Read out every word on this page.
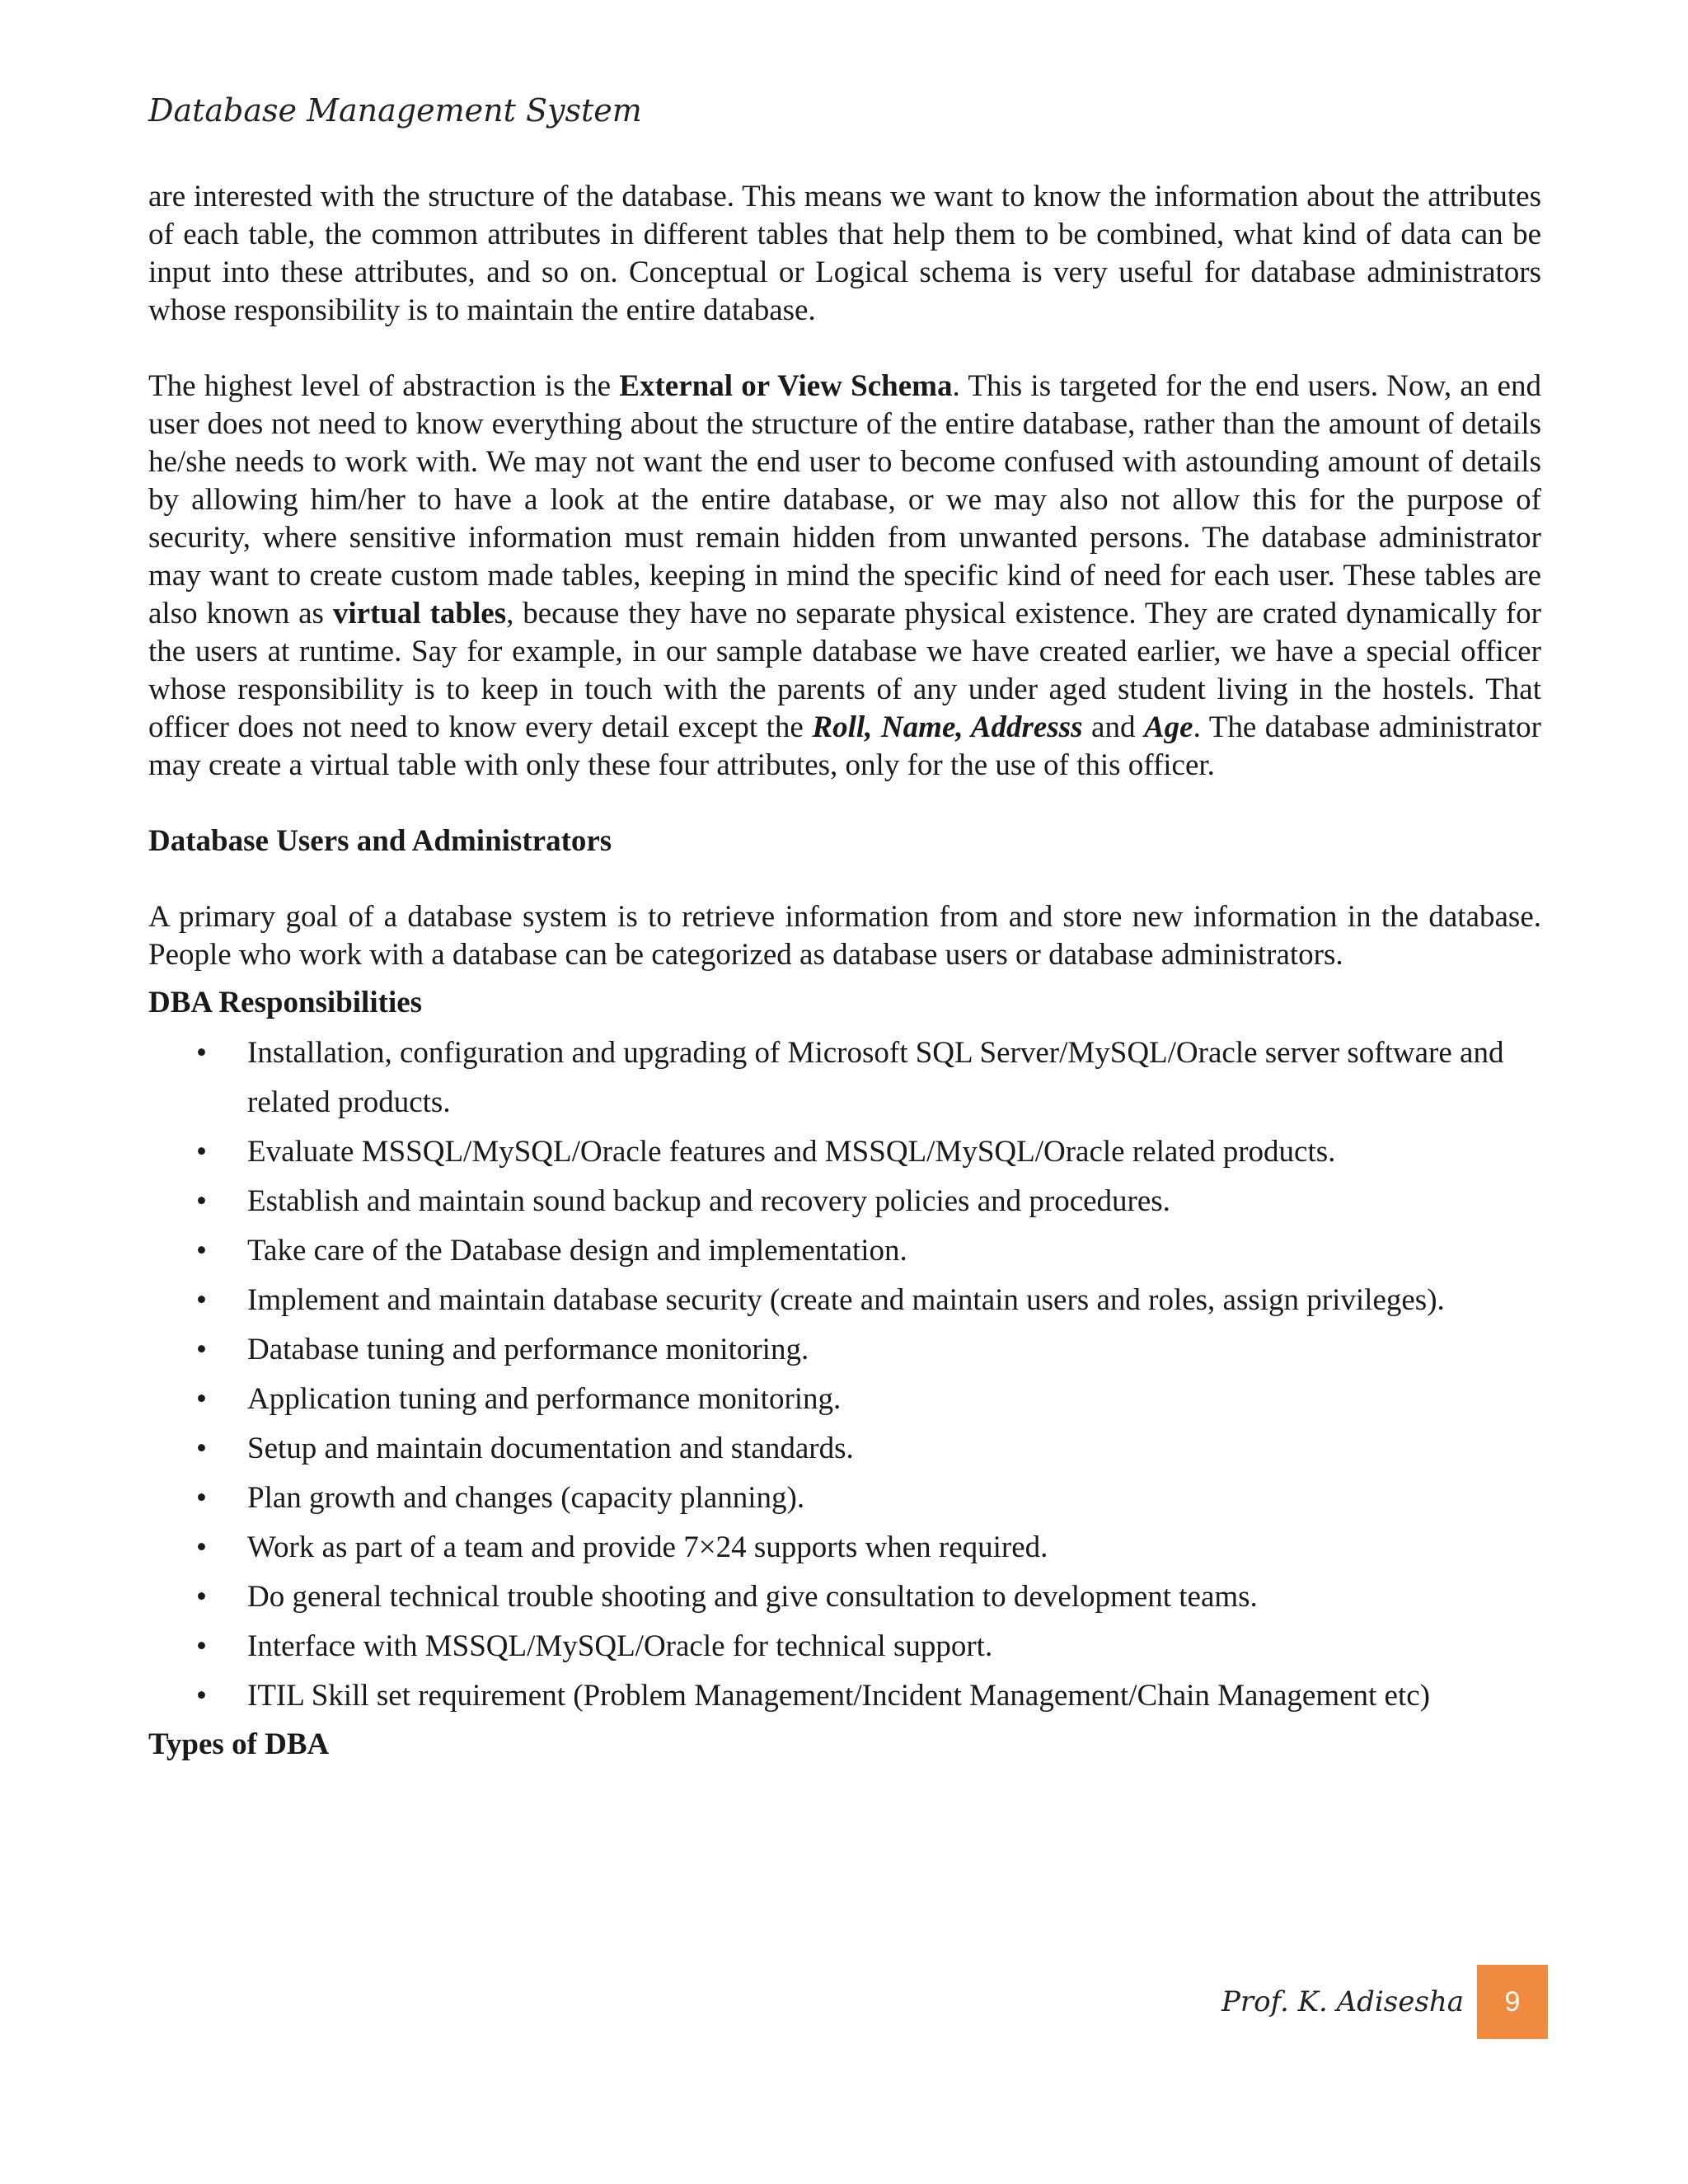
Database Management System

are interested with the structure of the database. This means we want to know the information about the attributes of each table, the common attributes in different tables that help them to be combined, what kind of data can be input into these attributes, and so on. Conceptual or Logical schema is very useful for database administrators whose responsibility is to maintain the entire database.

The highest level of abstraction is the External or View Schema. This is targeted for the end users. Now, an end user does not need to know everything about the structure of the entire database, rather than the amount of details he/she needs to work with. We may not want the end user to become confused with astounding amount of details by allowing him/her to have a look at the entire database, or we may also not allow this for the purpose of security, where sensitive information must remain hidden from unwanted persons. The database administrator may want to create custom made tables, keeping in mind the specific kind of need for each user. These tables are also known as virtual tables, because they have no separate physical existence. They are crated dynamically for the users at runtime. Say for example, in our sample database we have created earlier, we have a special officer whose responsibility is to keep in touch with the parents of any under aged student living in the hostels. That officer does not need to know every detail except the Roll, Name, Addresss and Age. The database administrator may create a virtual table with only these four attributes, only for the use of this officer.

Database Users and Administrators

A primary goal of a database system is to retrieve information from and store new information in the database. People who work with a database can be categorized as database users or database administrators.

DBA Responsibilities

• Installation, configuration and upgrading of Microsoft SQL Server/MySQL/Oracle server software and related products.
• Evaluate MSSQL/MySQL/Oracle features and MSSQL/MySQL/Oracle related products.
• Establish and maintain sound backup and recovery policies and procedures.
• Take care of the Database design and implementation.
• Implement and maintain database security (create and maintain users and roles, assign privileges).
• Database tuning and performance monitoring.
• Application tuning and performance monitoring.
• Setup and maintain documentation and standards.
• Plan growth and changes (capacity planning).
• Work as part of a team and provide 7×24 supports when required.
• Do general technical trouble shooting and give consultation to development teams.
• Interface with MSSQL/MySQL/Oracle for technical support.
• ITIL Skill set requirement (Problem Management/Incident Management/Chain Management etc)

Types of DBA

Prof. K. Adisesha	9
